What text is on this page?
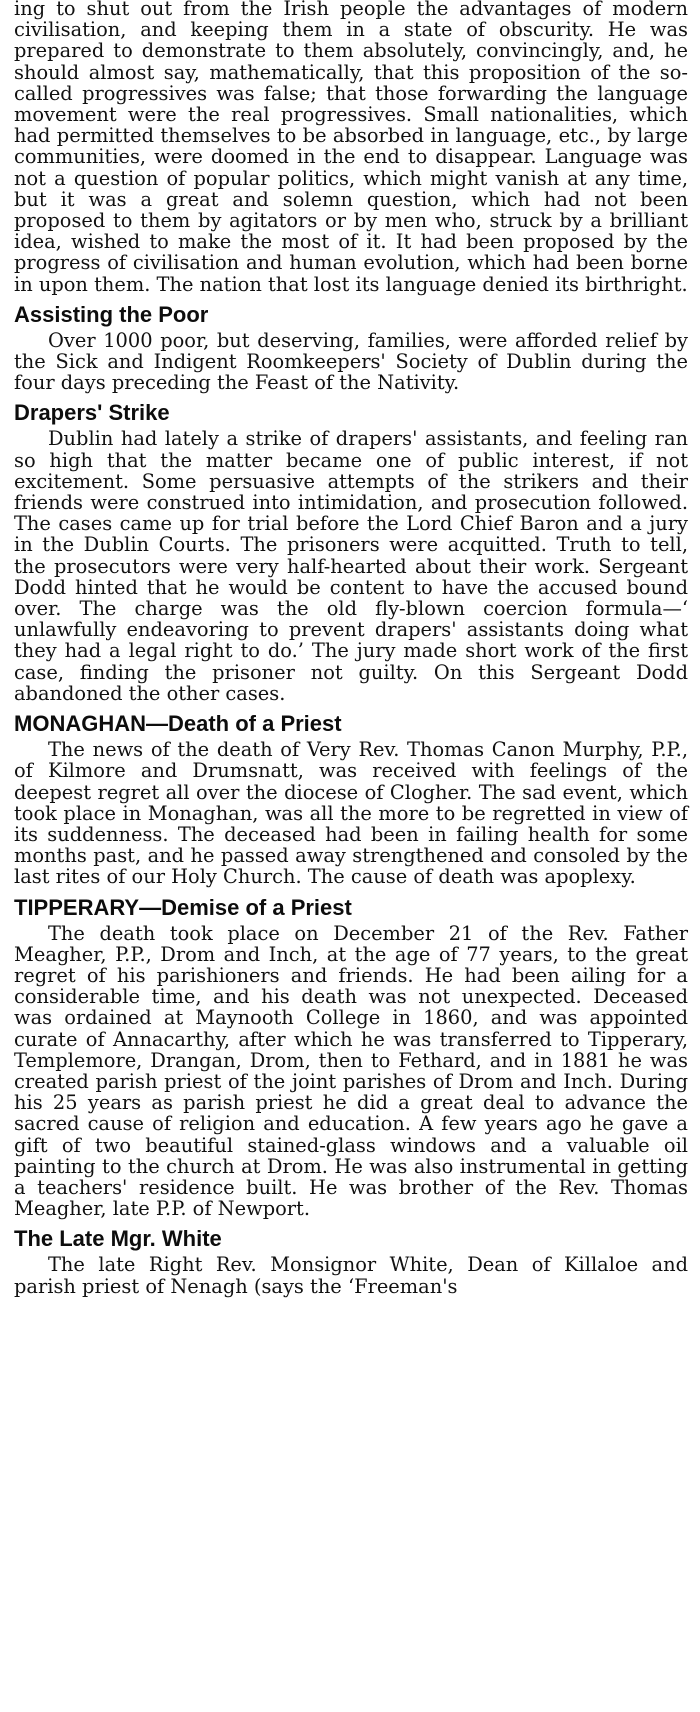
ing to shut out from the Irish people the advantages of modern civilisation, and keeping them in a state of obscurity. He was prepared to demonstrate to them absolutely, convincingly, and, he should almost say, mathematically, that this proposition of the so-called progressives was false; that those forwarding the language movement were the real progressives. Small nationalities, which had permitted themselves to be absorbed in language, etc., by large communities, were doomed in the end to disappear. Language was not a question of popular politics, which might vanish at any time, but it was a great and solemn question, which had not been proposed to them by agitators or by men who, struck by a brilliant idea, wished to make the most of it. It had been proposed by the progress of civilisation and human evolution, which had been borne in upon them. The nation that lost its language denied its birthright.

Assisting the Poor

Over 1000 poor, but deserving, families, were afforded relief by the Sick and Indigent Roomkeepers' Society of Dublin during the four days preceding the Feast of the Nativity.

Drapers' Strike

Dublin had lately a strike of drapers' assistants, and feeling ran so high that the matter became one of public interest, if not excitement. Some persuasive attempts of the strikers and their friends were construed into intimidation, and prosecution followed. The cases came up for trial before the Lord Chief Baron and a jury in the Dublin Courts. The prisoners were acquitted. Truth to tell, the prosecutors were very half-hearted about their work. Sergeant Dodd hinted that he would be content to have the accused bound over. The charge was the old fly-blown coercion formula—‘ unlawfully endeavoring to prevent drapers' assistants doing what they had a legal right to do.’ The jury made short work of the first case, finding the prisoner not guilty. On this Sergeant Dodd abandoned the other cases.

MONAGHAN—Death of a Priest

The news of the death of Very Rev. Thomas Canon Murphy, P.P., of Kilmore and Drumsnatt, was received with feelings of the deepest regret all over the diocese of Clogher. The sad event, which took place in Monaghan, was all the more to be regretted in view of its suddenness. The deceased had been in failing health for some months past, and he passed away strengthened and consoled by the last rites of our Holy Church. The cause of death was apoplexy.

TIPPERARY—Demise of a Priest

The death took place on December 21 of the Rev. Father Meagher, P.P., Drom and Inch, at the age of 77 years, to the great regret of his parishioners and friends. He had been ailing for a considerable time, and his death was not unexpected. Deceased was ordained at Maynooth College in 1860, and was appointed curate of Annacarthy, after which he was transferred to Tipperary, Templemore, Drangan, Drom, then to Fethard, and in 1881 he was created parish priest of the joint parishes of Drom and Inch. During his 25 years as parish priest he did a great deal to advance the sacred cause of religion and education. A few years ago he gave a gift of two beautiful stained-glass windows and a valuable oil painting to the church at Drom. He was also instrumental in getting a teachers' residence built. He was brother of the Rev. Thomas Meagher, late P.P. of Newport.

The Late Mgr. White

The late Right Rev. Monsignor White, Dean of Killaloe and parish priest of Nenagh (says the ‘Freeman's
